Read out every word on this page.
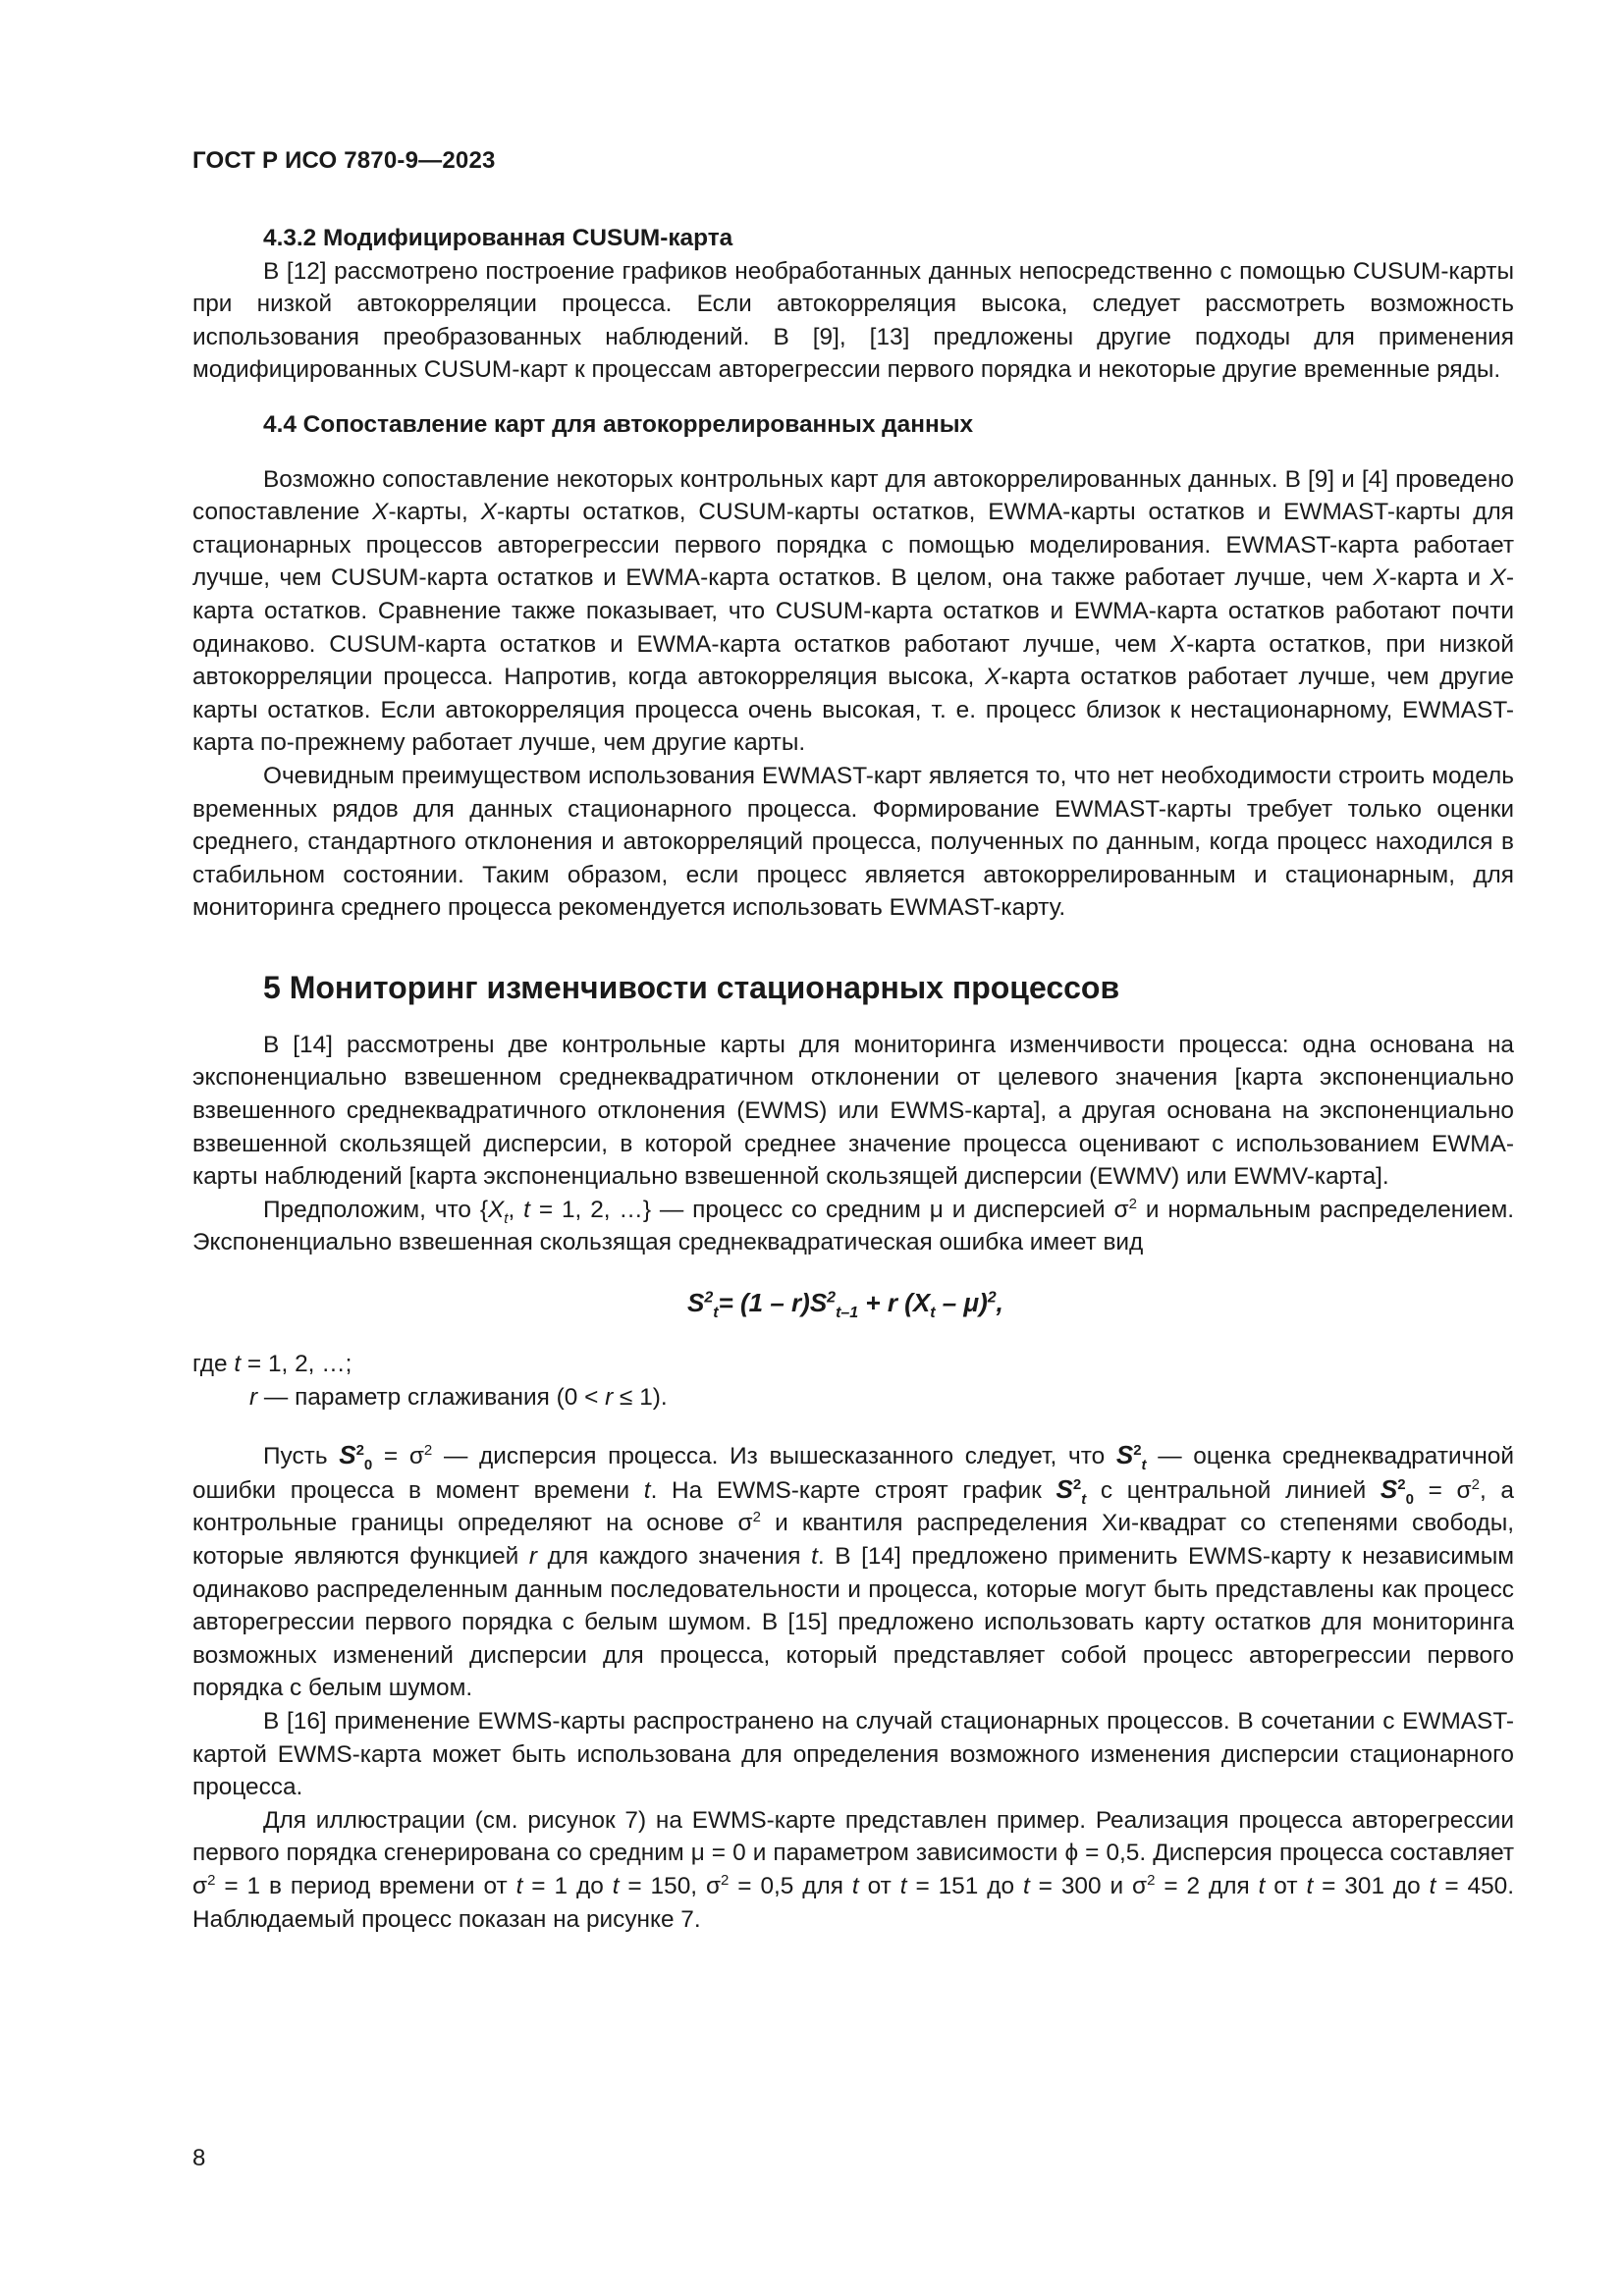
ГОСТ Р ИСО 7870-9—2023
4.3.2 Модифицированная CUSUM-карта

В [12] рассмотрено построение графиков необработанных данных непосредственно с помощью CUSUM-карты при низкой автокорреляции процесса. Если автокорреляция высока, следует рассмотреть возможность использования преобразованных наблюдений. В [9], [13] предложены другие подходы для применения модифицированных CUSUM-карт к процессам авторегрессии первого порядка и некоторые другие временные ряды.

4.4 Сопоставление карт для автокоррелированных данных

Возможно сопоставление некоторых контрольных карт для автокоррелированных данных. В [9] и [4] проведено сопоставление X-карты, X-карты остатков, CUSUM-карты остатков, EWMA-карты остатков и EWMAST-карты для стационарных процессов авторегрессии первого порядка с помощью моделирования. EWMAST-карта работает лучше, чем CUSUM-карта остатков и EWMA-карта остатков. В целом, она также работает лучше, чем X-карта и X-карта остатков. Сравнение также показывает, что CUSUM-карта остатков и EWMA-карта остатков работают почти одинаково. CUSUM-карта остатков и EWMA-карта остатков работают лучше, чем X-карта остатков, при низкой автокорреляции процесса. Напротив, когда автокорреляция высока, X-карта остатков работает лучше, чем другие карты остатков. Если автокорреляция процесса очень высокая, т. е. процесс близок к нестационарному, EWMAST-карта по-прежнему работает лучше, чем другие карты.

Очевидным преимуществом использования EWMAST-карт является то, что нет необходимости строить модель временных рядов для данных стационарного процесса. Формирование EWMAST-карты требует только оценки среднего, стандартного отклонения и автокорреляций процесса, полученных по данным, когда процесс находился в стабильном состоянии. Таким образом, если процесс является автокоррелированным и стационарным, для мониторинга среднего процесса рекомендуется использовать EWMAST-карту.

5 Мониторинг изменчивости стационарных процессов

В [14] рассмотрены две контрольные карты для мониторинга изменчивости процесса: одна основана на экспоненциально взвешенном среднеквадратичном отклонении от целевого значения [карта экспоненциально взвешенного среднеквадратичного отклонения (EWMS) или EWMS-карта], а другая основана на экспоненциально взвешенной скользящей дисперсии, в которой среднее значение процесса оценивают с использованием EWMA-карты наблюдений [карта экспоненциально взвешенной скользящей дисперсии (EWMV) или EWMV-карта].

Предположим, что {$X_t$, t = 1, 2, …} — процесс со средним μ и дисперсией $\sigma^2$ и нормальным распределением. Экспоненциально взвешенная скользящая среднеквадратическая ошибка имеет вид

$S^2_t= (1 - r)S^2_{t-1} + r$ $(X_t - \mu)^2$,

где t = 1, 2, …;

r — параметр сглаживания (0 < r ≤ 1).

Пусть $S^2_0 = \sigma^2$ — дисперсия процесса. Из вышесказанного следует, что $S^2_t$ — оценка среднеквадратичной ошибки процесса в момент времени t. На EWMS-карте строят график $S^2_t$ с центральной линией $S^2_0 = \sigma^2$, а контрольные границы определяют на основе $\sigma^2$ и квантиля распределения Хи-квадрат со степенями свободы, которые являются функцией r для каждого значения t. В [14] предложено применить EWMS-карту к независимым одинаково распределенным данным последовательности и процесса, которые могут быть представлены как процесс авторегрессии первого порядка с белым шумом. В [15] предложено использовать карту остатков для мониторинга возможных изменений дисперсии для процесса, который представляет собой процесс авторегрессии первого порядка с белым шумом.

В [16] применение EWMS-карты распространено на случай стационарных процессов. В сочетании с EWMAST-картой EWMS-карта может быть использована для определения возможного изменения дисперсии стационарного процесса.

Для иллюстрации (см. рисунок 7) на EWMS-карте представлен пример. Реализация процесса авторегрессии первого порядка сгенерирована со средним μ = 0 и параметром зависимости ϕ = 0,5. Дисперсия процесса составляет $\sigma^2 = 1$ в период времени от t = 1 до t = 150, $\sigma^2 = 0,5$ для t от t = 151 до t = 300 и $\sigma^2 = 2$ для t от t = 301 до t = 450. Наблюдаемый процесс показан на рисунке 7.

8
